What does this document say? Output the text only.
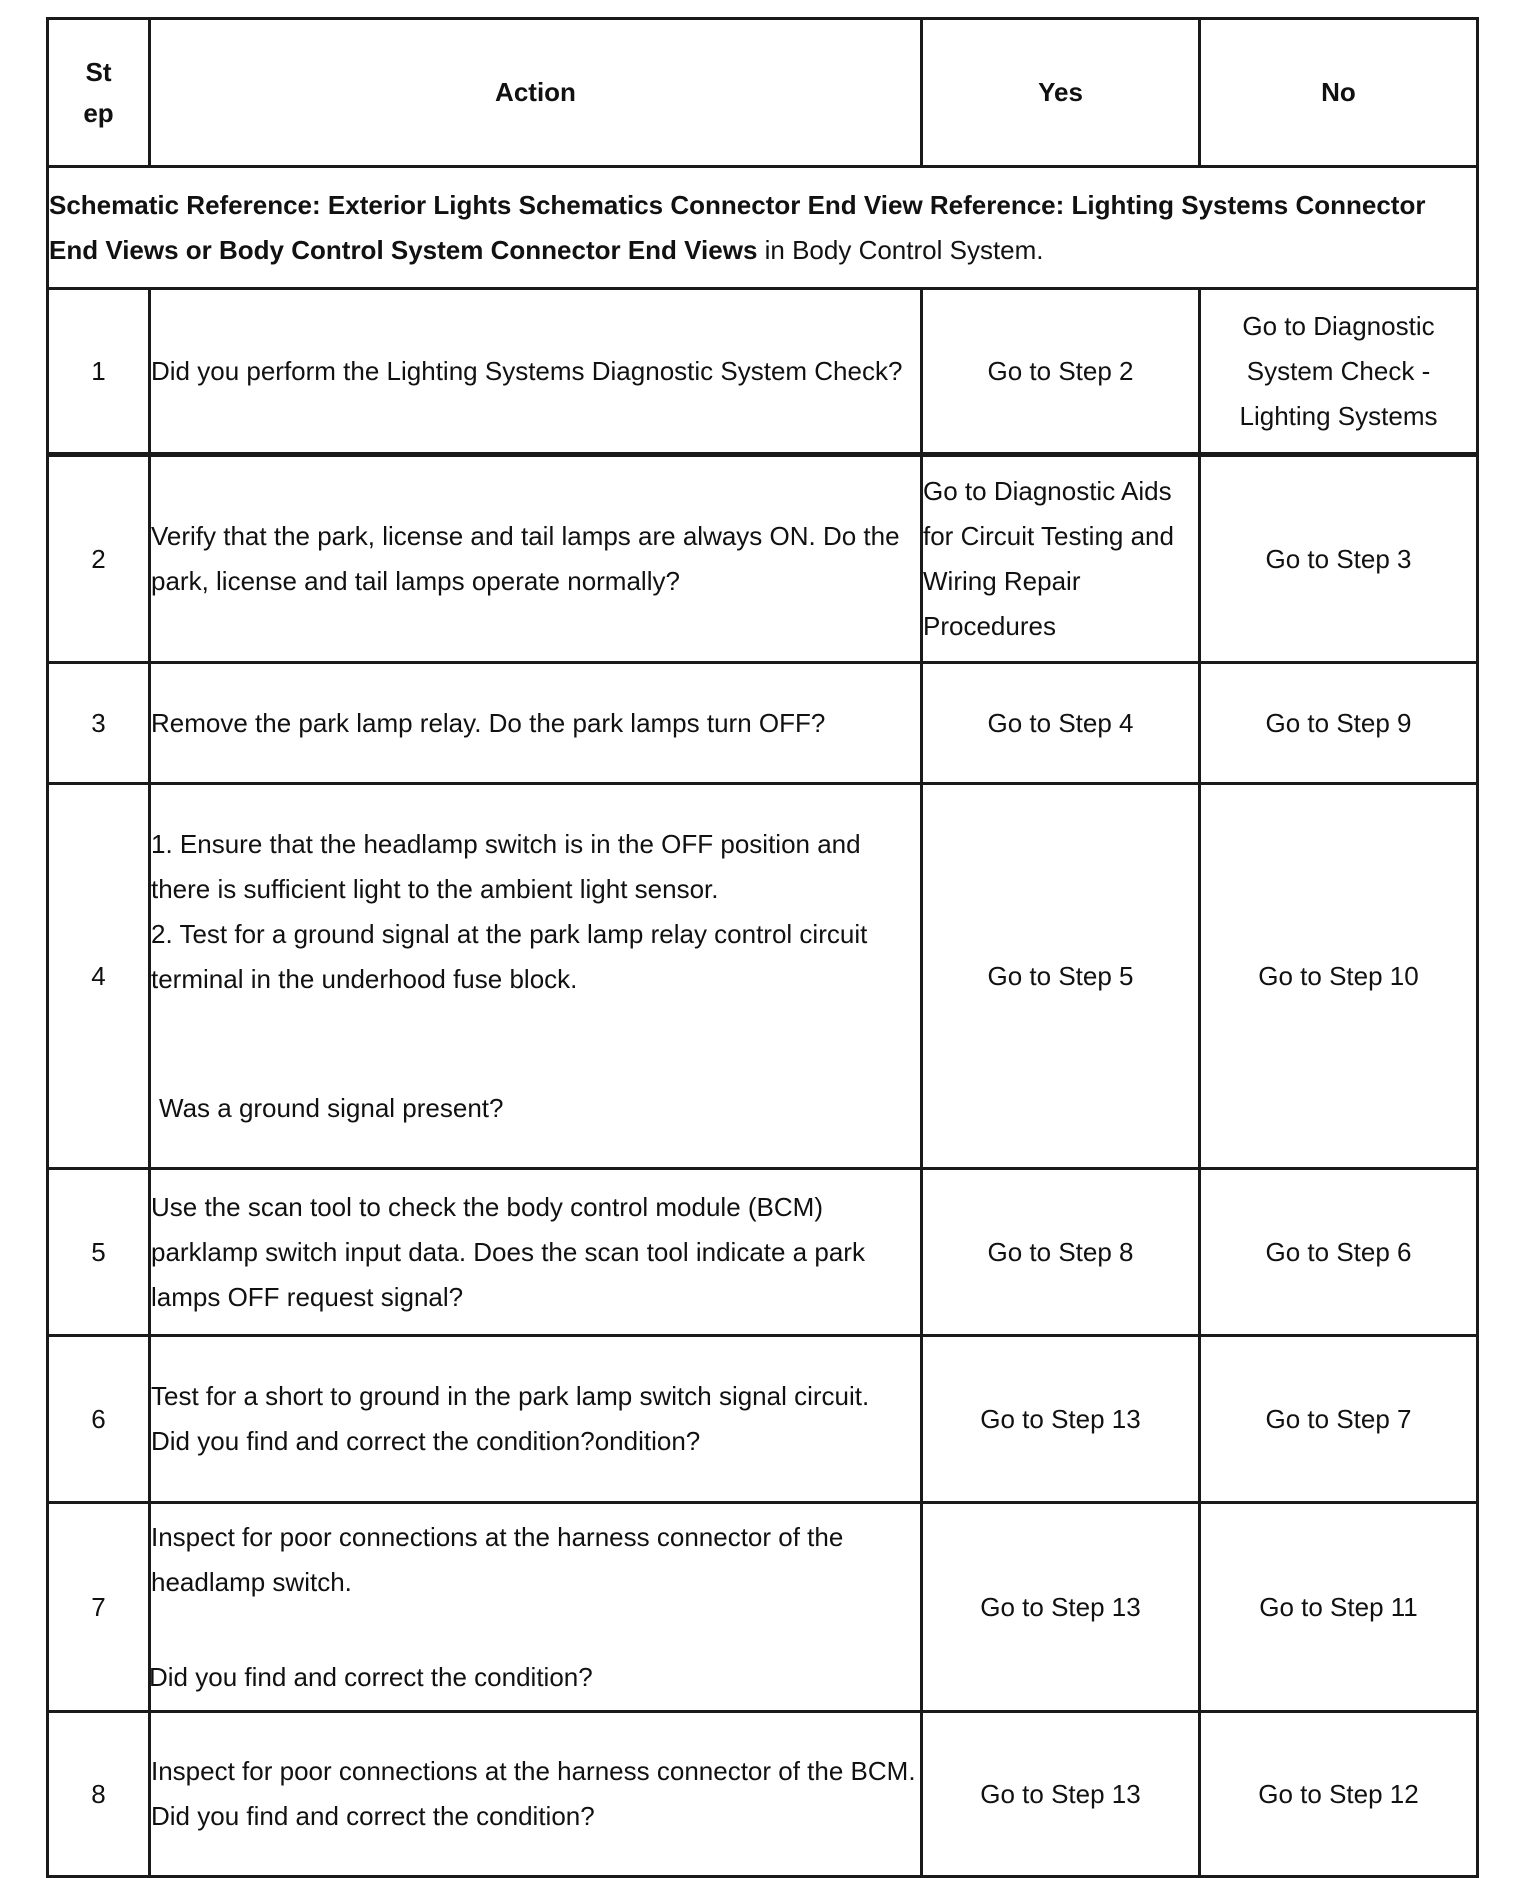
St
ep	Action	Yes	No
Schematic Reference: Exterior Lights Schematics Connector End View Reference: Lighting Systems Connector End Views or Body Control System Connector End Views in Body Control System.			
1	Did you perform the Lighting Systems Diagnostic System Check?	Go to Step 2	Go to Diagnostic System Check - Lighting Systems
2	Verify that the park, license and tail lamps are always ON. Do the park, license and tail lamps operate normally?	Go to Diagnostic Aids for Circuit Testing and Wiring Repair Procedures	Go to Step 3
3	Remove the park lamp relay. Do the park lamps turn OFF?	Go to Step 4	Go to Step 9
4	1. Ensure that the headlamp switch is in the OFF position and there is sufficient light to the ambient light sensor.
2. Test for a ground signal at the park lamp relay control circuit terminal in the underhood fuse block.
Was a ground signal present?	Go to Step 5	Go to Step 10
5	Use the scan tool to check the body control module (BCM) parklamp switch input data. Does the scan tool indicate a park lamps OFF request signal?	Go to Step 8	Go to Step 6
6	Test for a short to ground in the park lamp switch signal circuit.
Did you find and correct the condition?ondition?	Go to Step 13	Go to Step 7
7	Inspect for poor connections at the harness connector of the headlamp switch.
Did you find and correct the condition?	Go to Step 13	Go to Step 11
8	Inspect for poor connections at the harness connector of the BCM.
Did you find and correct the condition?	Go to Step 13	Go to Step 12
